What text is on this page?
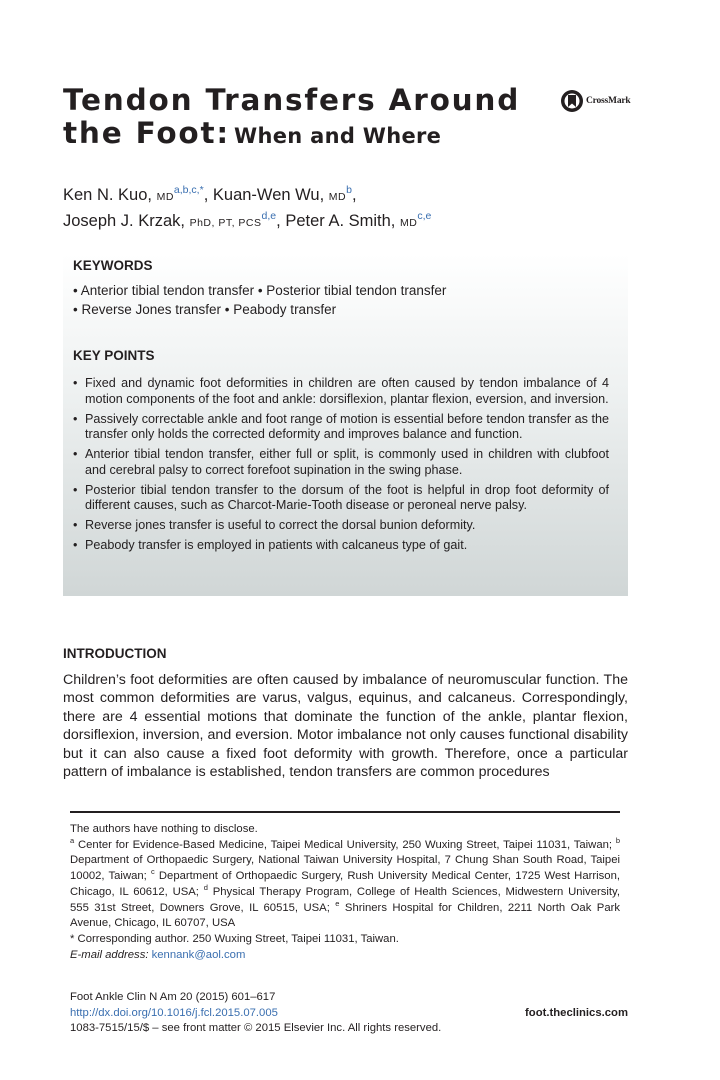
Tendon Transfers Around the Foot: When and Where
CrossMark
Ken N. Kuo, $MD^{a,b,c,*}$, Kuan-Wen Wu, $MD^b$,
Joseph J. Krzak, PhD, PT, PCS$^{d,e}$, Peter A. Smith, MD$^{c,e}$
KEYWORDS
• Anterior tibial tendon transfer • Posterior tibial tendon transfer
• Reverse Jones transfer • Peabody transfer
KEY POINTS
• Fixed and dynamic foot deformities in children are often caused by tendon imbalance of 4 motion components of the foot and ankle: dorsiflexion, plantar flexion, eversion, and inversion.
• Passively correctable ankle and foot range of motion is essential before tendon transfer as the transfer only holds the corrected deformity and improves balance and function.
• Anterior tibial tendon transfer, either full or split, is commonly used in children with clubfoot and cerebral palsy to correct forefoot supination in the swing phase.
• Posterior tibial tendon transfer to the dorsum of the foot is helpful in drop foot deformity of different causes, such as Charcot-Marie-Tooth disease or peroneal nerve palsy.
• Reverse jones transfer is useful to correct the dorsal bunion deformity.
• Peabody transfer is employed in patients with calcaneus type of gait.
INTRODUCTION

Children’s foot deformities are often caused by imbalance of neuromuscular function. The most common deformities are varus, valgus, equinus, and calcaneus. Correspondingly, there are 4 essential motions that dominate the function of the ankle, plantar flexion, dorsiflexion, inversion, and eversion. Motor imbalance not only causes functional disability but it can also cause a fixed foot deformity with growth. Therefore, once a particular pattern of imbalance is established, tendon transfers are common procedures

The authors have nothing to disclose.

$^a$ Center for Evidence-Based Medicine, Taipei Medical University, 250 Wuxing Street, Taipei 11031, Taiwan; $^b$ Department of Orthopaedic Surgery, National Taiwan University Hospital, 7 Chung Shan South Road, Taipei 10002, Taiwan; $^c$ Department of Orthopaedic Surgery, Rush University Medical Center, 1725 West Harrison, Chicago, IL 60612, USA; $^d$ Physical Therapy Program, College of Health Sciences, Midwestern University, 555 31st Street, Downers Grove, IL 60515, USA; $^e$ Shriners Hospital for Children, 2211 North Oak Park Avenue, Chicago, IL 60707, USA

* Corresponding author. 250 Wuxing Street, Taipei 11031, Taiwan.

E-mail address: kennank@aol.com

Foot Ankle Clin N Am 20 (2015) 601–617
http://dx.doi.org/10.1016/j.fcl.2015.07.005
1083-7515/15/$ – see front matter © 2015 Elsevier Inc. All rights reserved.
foot.theclinics.com
